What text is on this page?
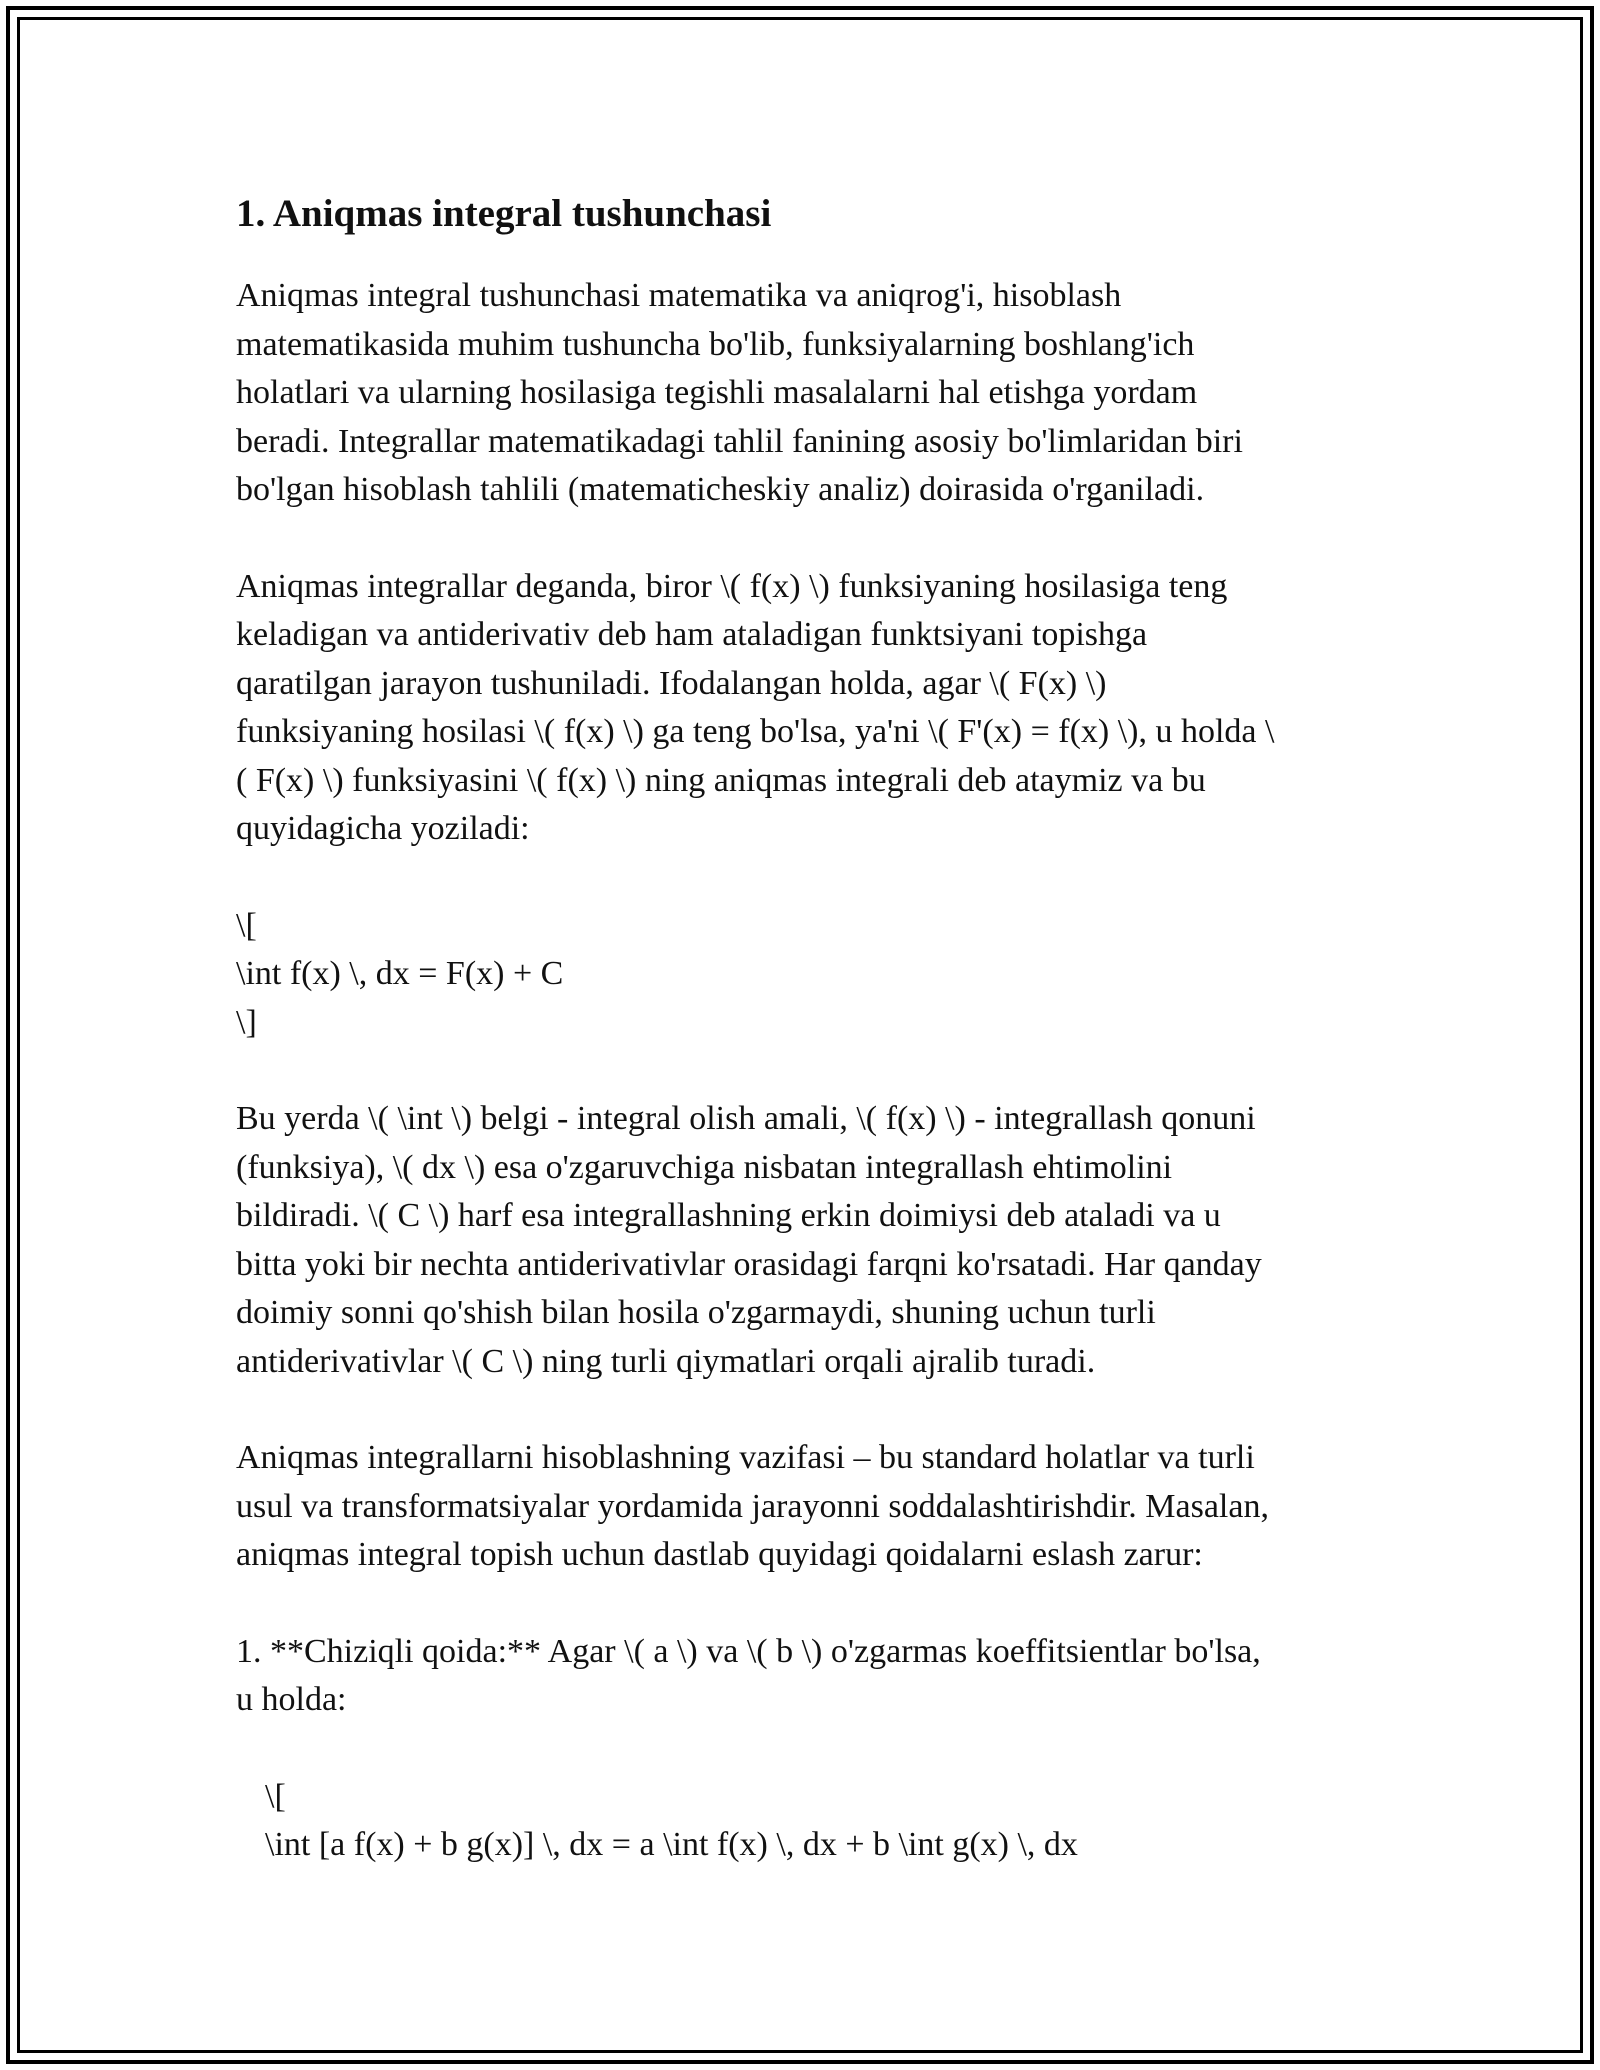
1. Aniqmas integral tushunchasi

Aniqmas integral tushunchasi matematika va aniqrog'i, hisoblash
matematikasida muhim tushuncha bo'lib, funksiyalarning boshlang'ich
holatlari va ularning hosilasiga tegishli masalalarni hal etishga yordam
beradi. Integrallar matematikadagi tahlil fanining asosiy bo'limlaridan biri
bo'lgan hisoblash tahlili (matematicheskiy analiz) doirasida o'rganiladi.

Aniqmas integrallar deganda, biror \( f(x) \) funksiyaning hosilasiga teng
keladigan va antiderivativ deb ham ataladigan funktsiyani topishga
qaratilgan jarayon tushuniladi. Ifodalangan holda, agar \( F(x) \)
funksiyaning hosilasi \( f(x) \) ga teng bo'lsa, ya'ni \( F'(x) = f(x) \), u holda \
( F(x) \) funksiyasini \( f(x) \) ning aniqmas integrali deb ataymiz va bu
quyidagicha yoziladi:

\[
\int f(x) \, dx = F(x) + C
\]

Bu yerda \( \int \) belgi - integral olish amali, \( f(x) \) - integrallash qonuni
(funksiya), \( dx \) esa o'zgaruvchiga nisbatan integrallash ehtimolini
bildiradi. \( C \) harf esa integrallashning erkin doimiysi deb ataladi va u
bitta yoki bir nechta antiderivativlar orasidagi farqni ko'rsatadi. Har qanday
doimiy sonni qo'shish bilan hosila o'zgarmaydi, shuning uchun turli
antiderivativlar \( C \) ning turli qiymatlari orqali ajralib turadi.

Aniqmas integrallarni hisoblashning vazifasi – bu standard holatlar va turli
usul va transformatsiyalar yordamida jarayonni soddalashtirishdir. Masalan,
aniqmas integral topish uchun dastlab quyidagi qoidalarni eslash zarur:

1. **Chiziqli qoida:** Agar \( a \) va \( b \) o'zgarmas koeffitsientlar bo'lsa,
u holda:

\[
\int [a f(x) + b g(x)] \, dx = a \int f(x) \, dx + b \int g(x) \, dx
